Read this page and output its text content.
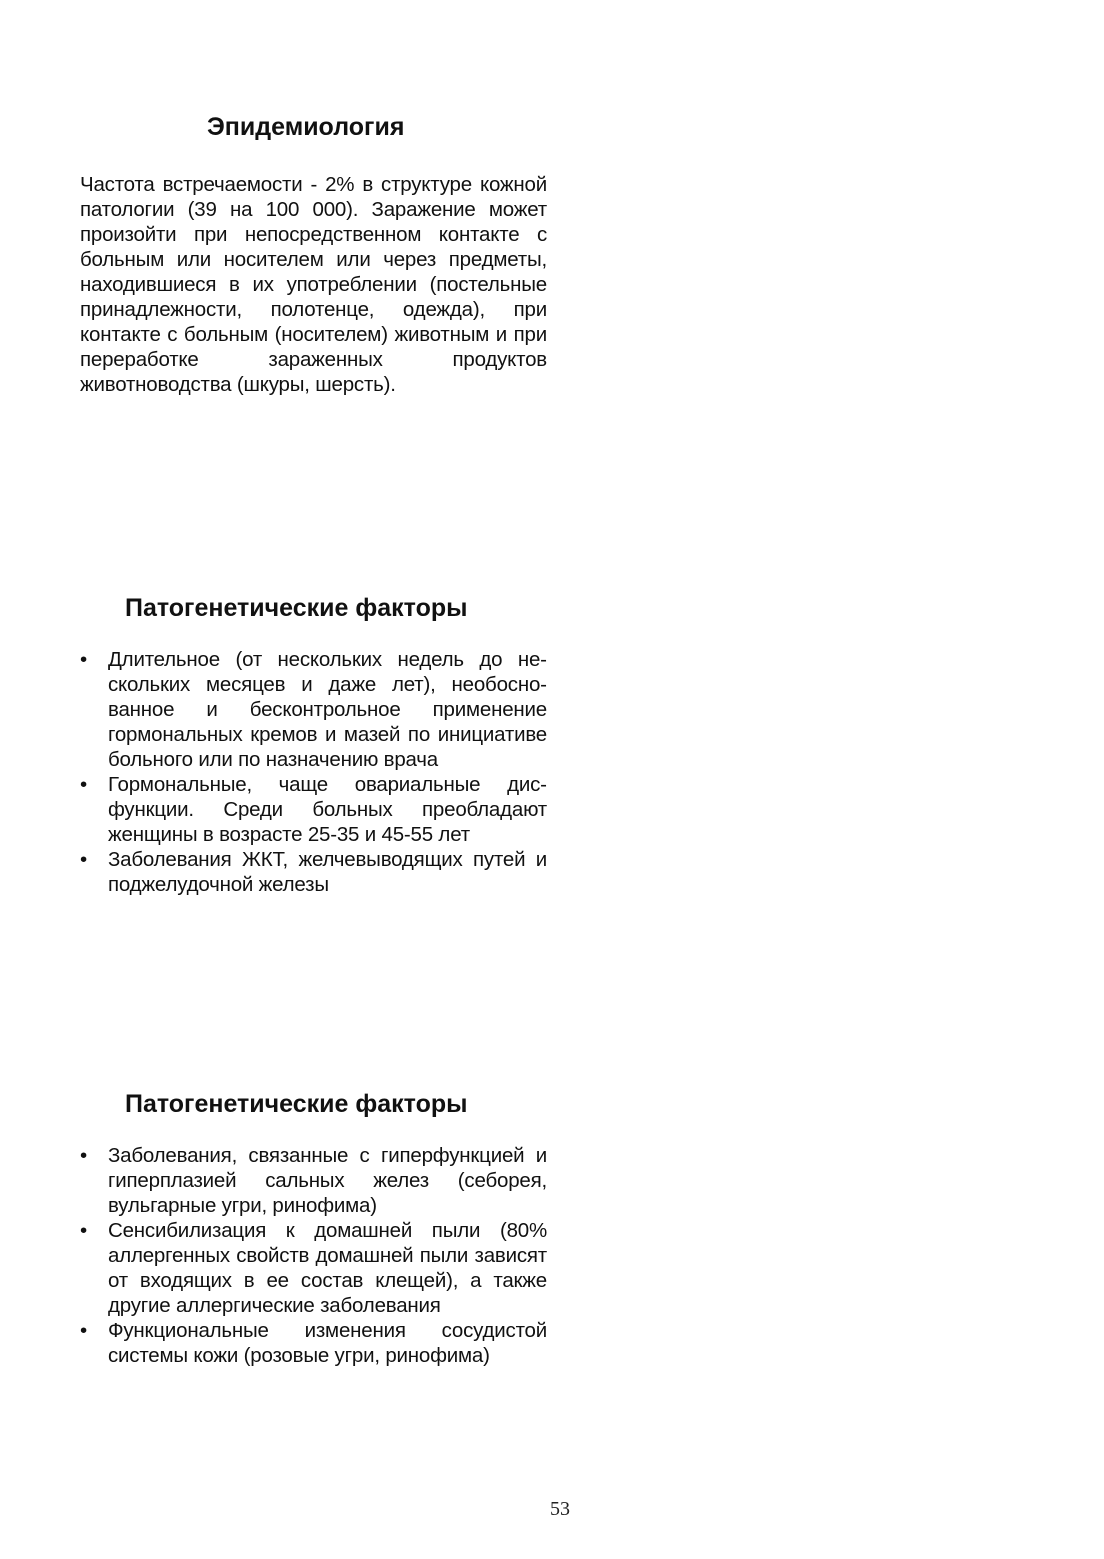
Эпидемиология

Частота встречаемости - 2% в структуре кожной патологии (39 на 100 000). Заражение может произойти при непосредственном контакте с больным или носителем или через предметы, находившиеся в их употреблении (постельные принадлежности, полотенце, одежда), при контакте с больным (носителем) животным и при переработке зараженных продуктов животноводства (шкуры, шерсть).

Патогенетические факторы
•	Длительное (от нескольких недель до нескольких месяцев и даже лет), необоснованное и бесконтрольное применение гормональных кремов и мазей по инициативе больного или по назначению врача
•	Гормональные, чаще овариальные дисфункции. Среди больных преобладают женщины в возрасте 25-35 и 45-55 лет
•	Заболевания ЖКТ, желчевыводящих путей и поджелудочной железы
Патогенетические факторы
•	Заболевания, связанные с гиперфункцией и гиперплазией сальных желез (себорея, вульгарные угри, ринофима)
•	Сенсибилизация к домашней пыли (80% аллергенных свойств домашней пыли зависят от входящих в ее состав клещей), а также другие аллергические заболевания
•	Функциональные изменения сосудистой системы кожи (розовые угри, ринофима)
53
